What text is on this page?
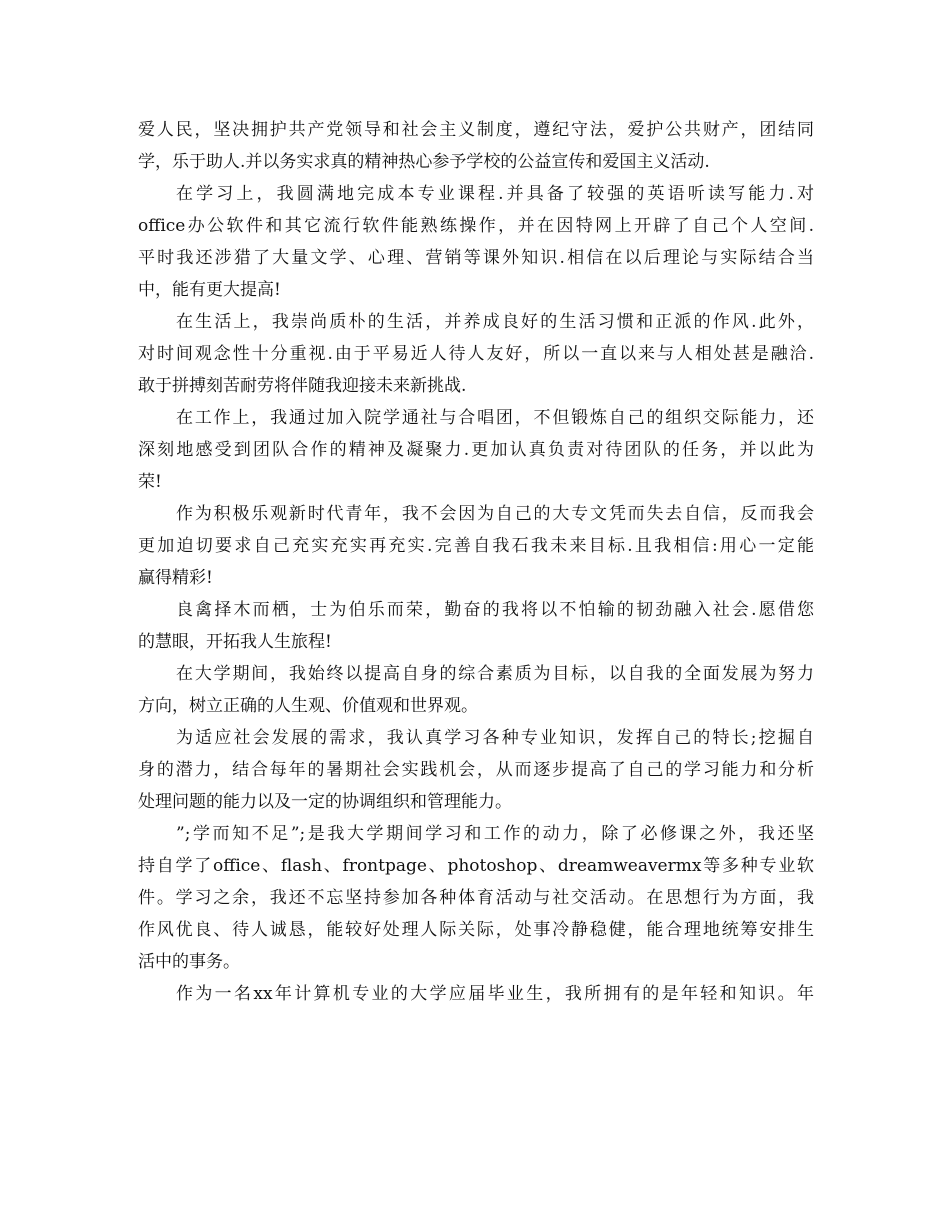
爱人民，坚决拥护共产党领导和社会主义制度，遵纪守法，爱护公共财产，团结同
学，乐于助人.并以务实求真的精神热心参予学校的公益宣传和爱国主义活动.
在学习上，我圆满地完成本专业课程.并具备了较强的英语听读写能力.对
office办公软件和其它流行软件能熟练操作，并在因特网上开辟了自己个人空间.
平时我还涉猎了大量文学、心理、营销等课外知识.相信在以后理论与实际结合当
中，能有更大提高!
在生活上，我崇尚质朴的生活，并养成良好的生活习惯和正派的作风.此外，
对时间观念性十分重视.由于平易近人待人友好，所以一直以来与人相处甚是融洽.
敢于拼搏刻苦耐劳将伴随我迎接未来新挑战.
在工作上，我通过加入院学通社与合唱团，不但锻炼自己的组织交际能力，还
深刻地感受到团队合作的精神及凝聚力.更加认真负责对待团队的任务，并以此为
荣!
作为积极乐观新时代青年，我不会因为自己的大专文凭而失去自信，反而我会
更加迫切要求自己充实充实再充实.完善自我石我未来目标.且我相信:用心一定能
赢得精彩!
良禽择木而栖，士为伯乐而荣，勤奋的我将以不怕输的韧劲融入社会.愿借您
的慧眼，开拓我人生旅程!
在大学期间，我始终以提高自身的综合素质为目标，以自我的全面发展为努力
方向，树立正确的人生观、价值观和世界观。
为适应社会发展的需求，我认真学习各种专业知识，发挥自己的特长;挖掘自
身的潜力，结合每年的暑期社会实践机会，从而逐步提高了自己的学习能力和分析
处理问题的能力以及一定的协调组织和管理能力。
”;学而知不足”;是我大学期间学习和工作的动力，除了必修课之外，我还坚
持自学了office、flash、frontpage、photoshop、dreamweavermx等多种专业软
件。学习之余，我还不忘坚持参加各种体育活动与社交活动。在思想行为方面，我
作风优良、待人诚恳，能较好处理人际关际，处事冷静稳健，能合理地统筹安排生
活中的事务。
作为一名xx年计算机专业的大学应届毕业生，我所拥有的是年轻和知识。年
